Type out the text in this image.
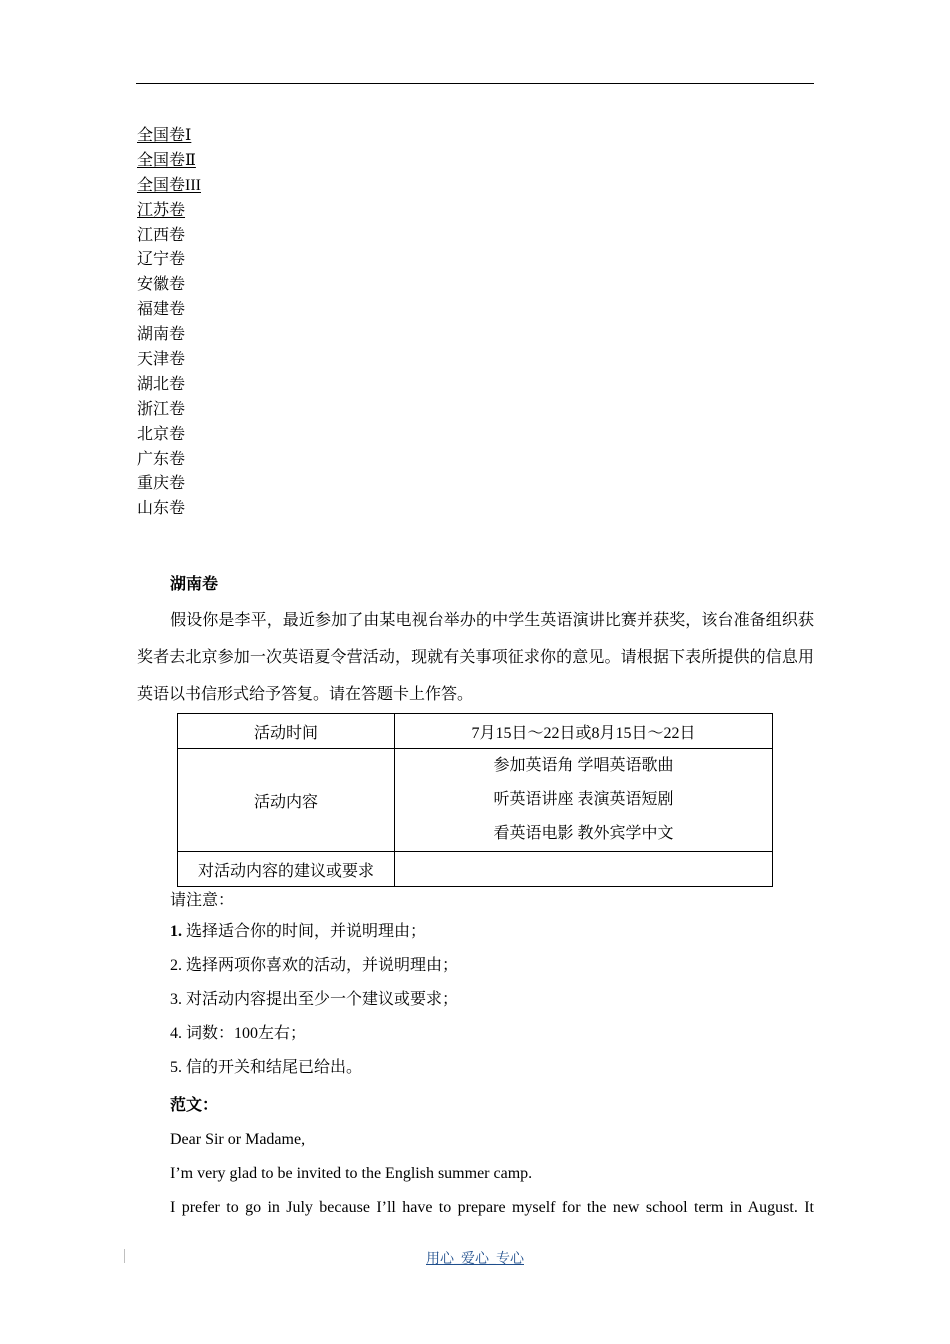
全国卷Ⅰ
全国卷Ⅱ
全国卷III
江苏卷
江西卷
辽宁卷
安徽卷
福建卷
湖南卷
天津卷
湖北卷
浙江卷
北京卷
广东卷
重庆卷
山东卷
湖南卷
假设你是李平，最近参加了由某电视台举办的中学生英语演讲比赛并获奖，该台准备组织获奖者去北京参加一次英语夏令营活动，现就有关事项征求你的意见。请根据下表所提供的信息用英语以书信形式给予答复。请在答题卡上作答。
活动时间	7月15日～22日或8月15日～22日
活动内容	参加英语角 学唱英语歌曲
听英语讲座 表演英语短剧
看英语电影 教外宾学中文

对活动内容的建议或要求	
请注意：
1. 选择适合你的时间，并说明理由；
2. 选择两项你喜欢的活动，并说明理由；
3. 对活动内容提出至少一个建议或要求；
4. 词数：100左右；
5. 信的开关和结尾已给出。
范文：
Dear Sir or Madame,
I’m very glad to be invited to the English summer camp.
I prefer to go in July because I’ll have to prepare myself for the new school term in August. It
用心_爱心_专心
